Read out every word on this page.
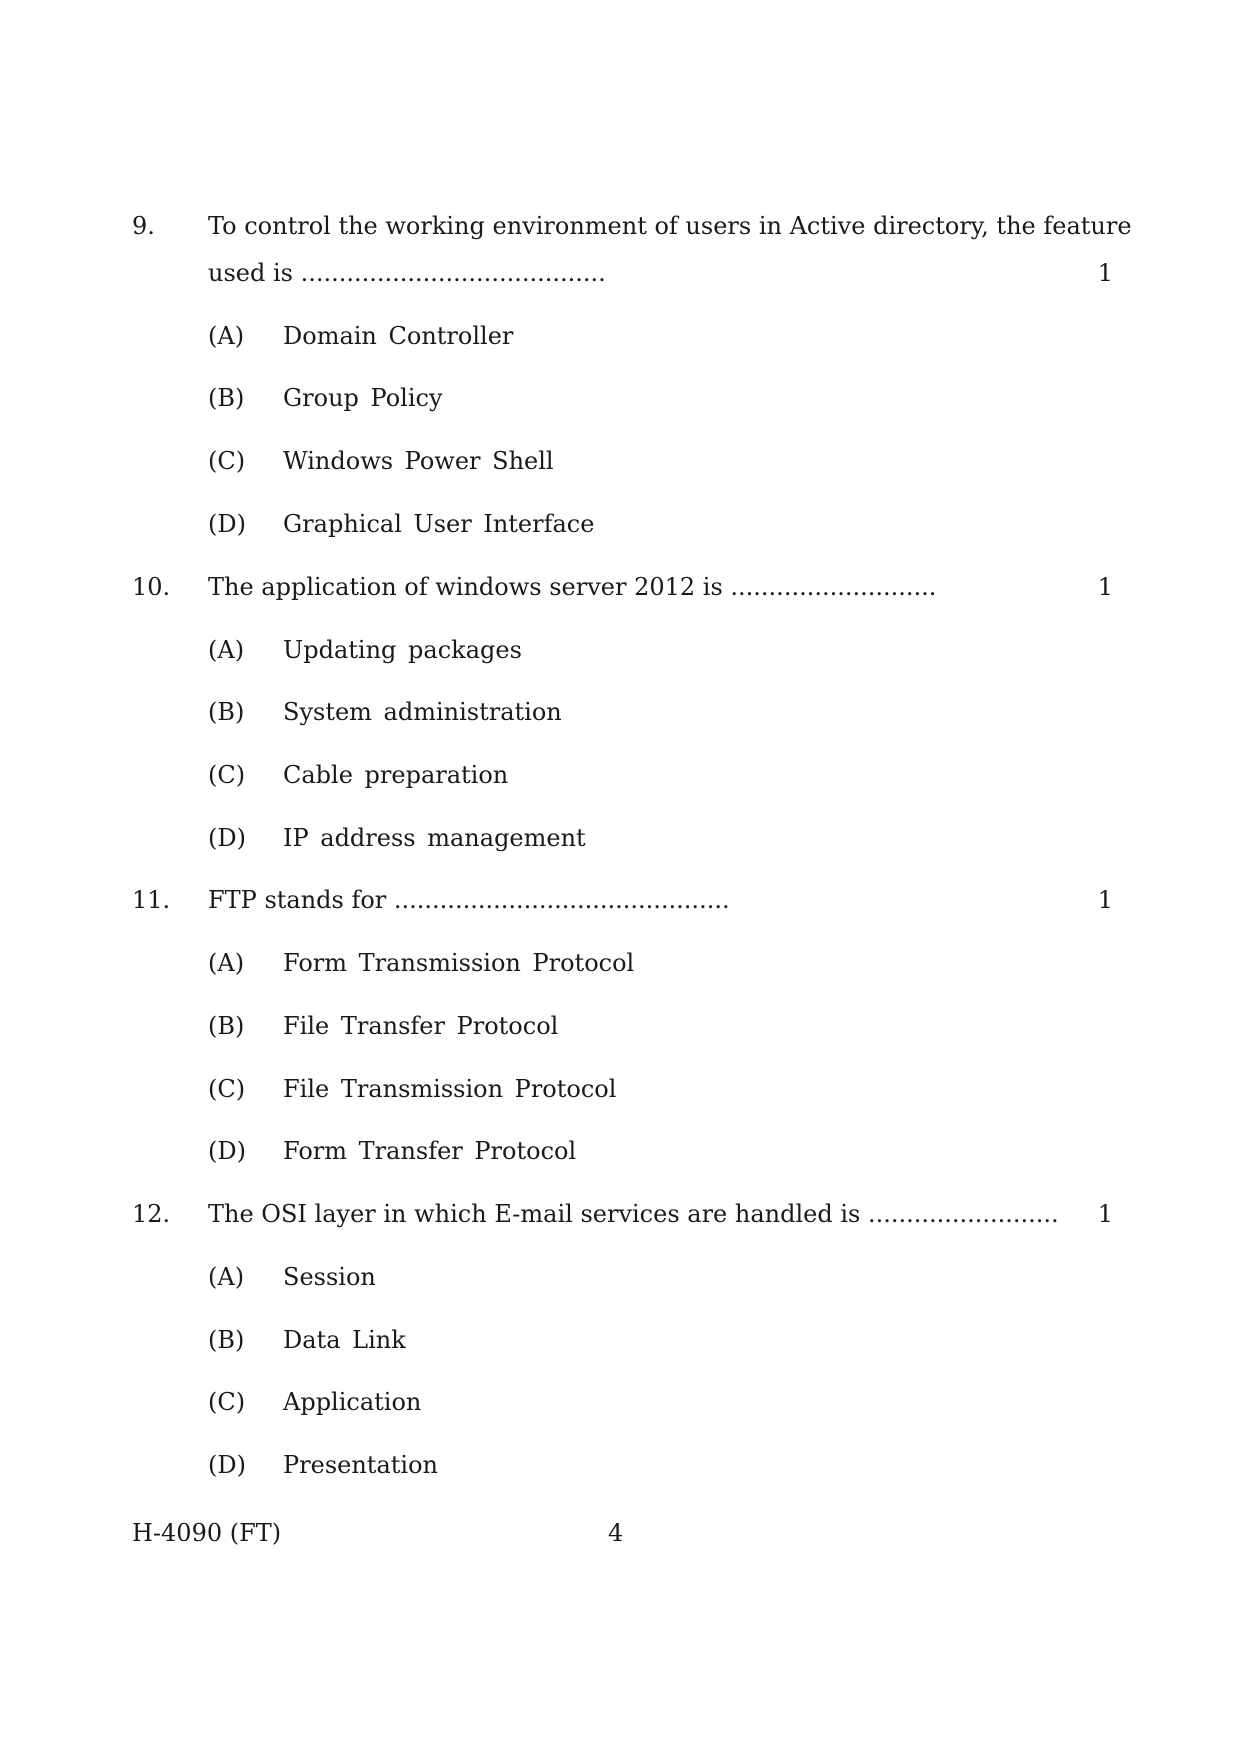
9. To control the working environment of users in Active directory, the feature
used is ........................................	1
(A) Domain Controller
(B) Group Policy
(C) Windows Power Shell
(D) Graphical User Interface
10. The application of windows server 2012 is ...........................	1
(A) Updating packages
(B) System administration
(C) Cable preparation
(D) IP address management
11. FTP stands for ............................................	1
(A) Form Transmission Protocol
(B) File Transfer Protocol
(C) File Transmission Protocol
(D) Form Transfer Protocol
12. The OSI layer in which E-mail services are handled is ......................... 1
(A) Session
(B) Data Link
(C) Application
(D) Presentation
H-4090 (FT)	4
